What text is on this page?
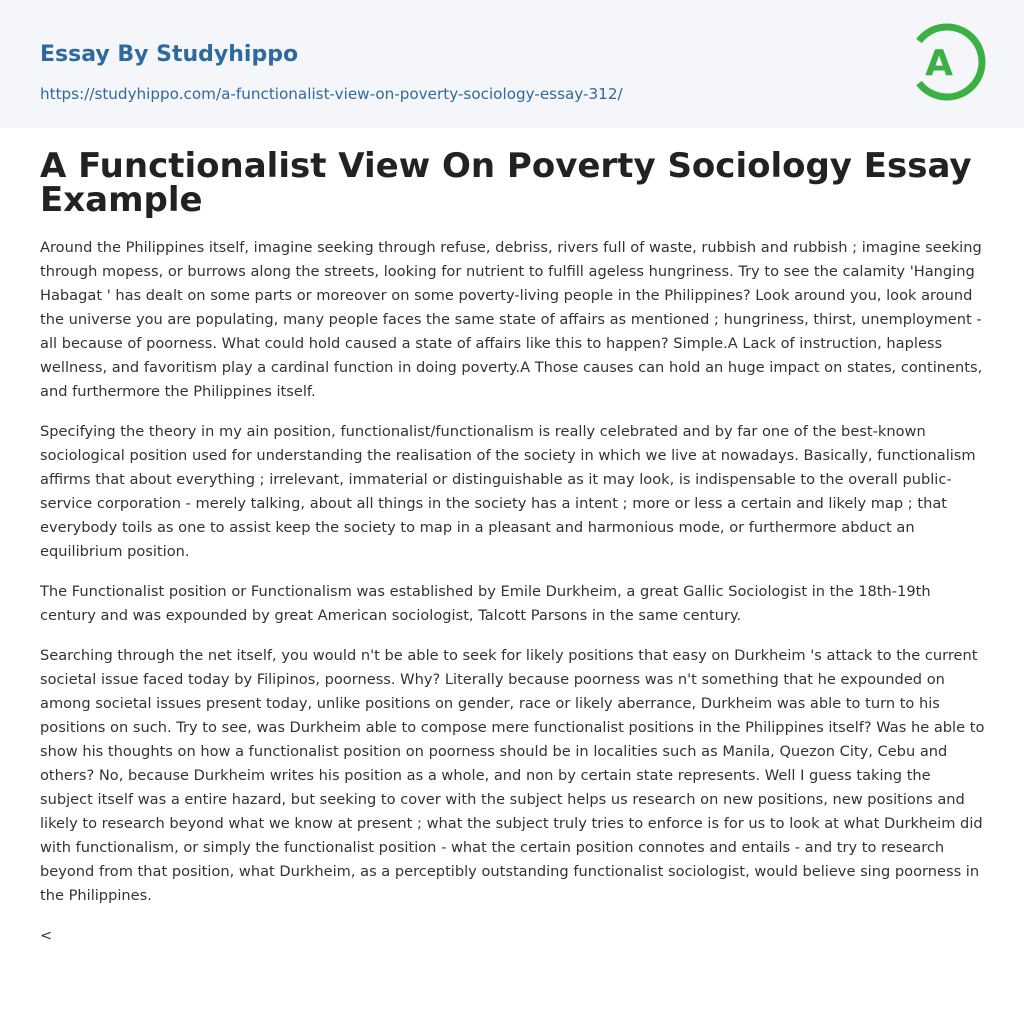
Essay By Studyhippo
https://studyhippo.com/a-functionalist-view-on-poverty-sociology-essay-312/
A
A Functionalist View On Poverty Sociology Essay Example

Around the Philippines itself, imagine seeking through refuse, debriss, rivers full of waste, rubbish and rubbish ; imagine seeking through mopess, or burrows along the streets, looking for nutrient to fulfill ageless hungriness. Try to see the calamity 'Hanging Habagat ' has dealt on some parts or moreover on some poverty-living people in the Philippines? Look around you, look around the universe you are populating, many people faces the same state of affairs as mentioned ; hungriness, thirst, unemployment - all because of poorness. What could hold caused a state of affairs like this to happen? Simple.A Lack of instruction, hapless wellness, and favoritism play a cardinal function in doing poverty.A Those causes can hold an huge impact on states, continents, and furthermore the Philippines itself.

Specifying the theory in my ain position, functionalist/functionalism is really celebrated and by far one of the best-known sociological position used for understanding the realisation of the society in which we live at nowadays. Basically, functionalism affirms that about everything ; irrelevant, immaterial or distinguishable as it may look, is indispensable to the overall public-service corporation - merely talking, about all things in the society has a intent ; more or less a certain and likely map ; that everybody toils as one to assist keep the society to map in a pleasant and harmonious mode, or furthermore abduct an equilibrium position.

The Functionalist position or Functionalism was established by Emile Durkheim, a great Gallic Sociologist in the 18th-19th century and was expounded by great American sociologist, Talcott Parsons in the same century.

Searching through the net itself, you would n't be able to seek for likely positions that easy on Durkheim 's attack to the current societal issue faced today by Filipinos, poorness. Why? Literally because poorness was n't something that he expounded on among societal issues present today, unlike positions on gender, race or likely aberrance, Durkheim was able to turn to his positions on such. Try to see, was Durkheim able to compose mere functionalist positions in the Philippines itself? Was he able to show his thoughts on how a functionalist position on poorness should be in localities such as Manila, Quezon City, Cebu and others? No, because Durkheim writes his position as a whole, and non by certain state represents. Well I guess taking the subject itself was a entire hazard, but seeking to cover with the subject helps us research on new positions, new positions and likely to research beyond what we know at present ; what the subject truly tries to enforce is for us to look at what Durkheim did with functionalism, or simply the functionalist position - what the certain position connotes and entails - and try to research beyond from that position, what Durkheim, as a perceptibly outstanding functionalist sociologist, would believe sing poorness in the Philippines.

<
